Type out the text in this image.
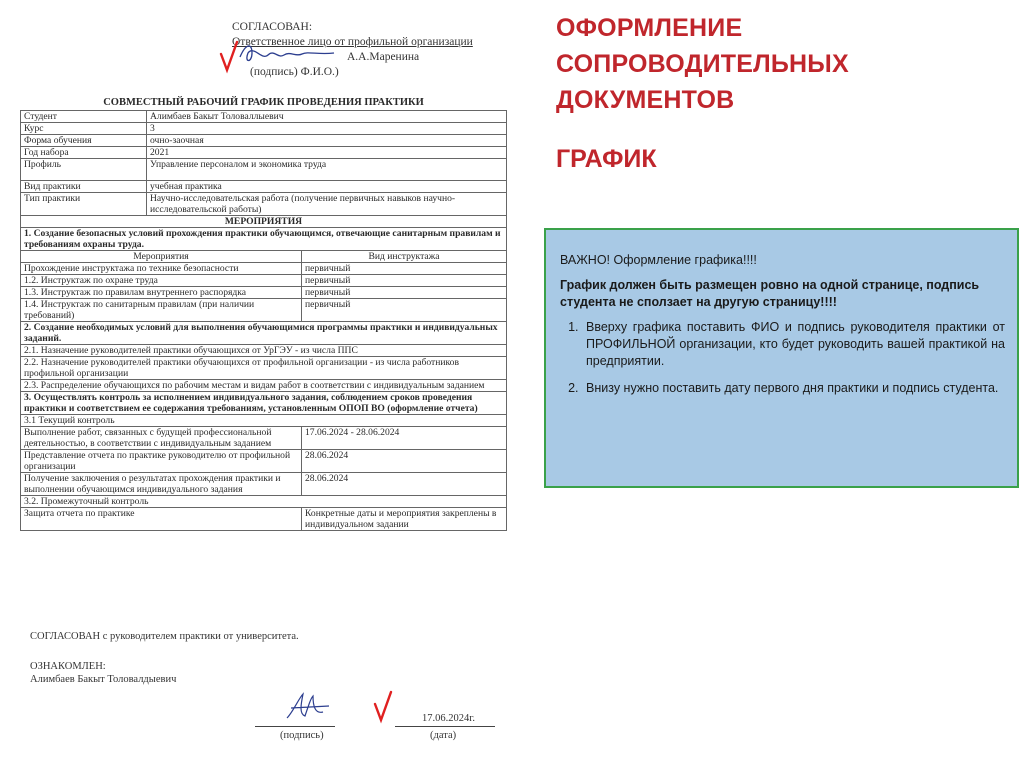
СОГЛАСОВАН:
Ответственное лицо от профильной организации
А.А.Маренина
(подпись) Ф.И.О.)
СОВМЕСТНЫЙ РАБОЧИЙ ГРАФИК ПРОВЕДЕНИЯ ПРАКТИКИ		
Студент	Алимбаев Бакыт Толоваллыевич	
Курс	3	
Форма обучения	очно-заочная	
Год набора	2021	
Профиль	Управление персоналом и экономика труда	
Вид практики	учебная практика	
Тип практики	Научно-исследовательская работа (получение первичных навыков научно-исследовательской работы)	
МЕРОПРИЯТИЯ		
1. Создание безопасных условий прохождения практики обучающимся, отвечающие санитарным правилам и требованиям охраны труда.		
Мероприятия		Вид инструктажа
Прохождение инструктажа по технике безопасности		первичный
1.2. Инструктаж по охране труда		первичный
1.3. Инструктаж по правилам внутреннего распорядка		первичный
1.4. Инструктаж по санитарным правилам (при наличии требований)		первичный
2. Создание необходимых условий для выполнения обучающимися программы практики и индивидуальных заданий.		
2.1. Назначение руководителей практики обучающихся от УрГЭУ - из числа ППС		
2.2. Назначение руководителей практики обучающихся от профильной организации - из числа работников профильной организации		
2.3. Распределение обучающихся по рабочим местам и видам работ в соответствии с индивидуальным заданием		
3. Осуществлять контроль за исполнением индивидуального задания, соблюдением сроков проведения практики и соответствием ее содержания требованиям, установленным ОПОП ВО (оформление отчета)		
3.1 Текущий контроль		
Выполнение работ, связанных с будущей профессиональной деятельностью, в соответствии с индивидуальным заданием		17.06.2024 - 28.06.2024
Представление отчета по практике руководителю от профильной организации		28.06.2024
Получение заключения о результатах прохождения практики и выполнении обучающимся индивидуального задания		28.06.2024
3.2. Промежуточный контроль		
Защита отчета по практике		Конкретные даты и мероприятия закреплены в индивидуальном задании
СОГЛАСОВАН с руководителем практики от университета.
ОЗНАКОМЛЕН:
Алимбаев Бакыт Толовалдыевич
17.06.2024г.
(подпись)	(дата)
ОФОРМЛЕНИЕ
СОПРОВОДИТЕЛЬНЫХ
ДОКУМЕНТОВ
ГРАФИК

ВАЖНО! Оформление графика!!!!

График должен быть размещен ровно на одной странице, подпись студента не сползает на другую страницу!!!!

1. Вверху графика поставить ФИО и подпись руководителя практики от ПРОФИЛЬНОЙ организации, кто будет руководить вашей практикой на предприятии.
2. Внизу нужно поставить дату первого дня практики и подпись студента.
